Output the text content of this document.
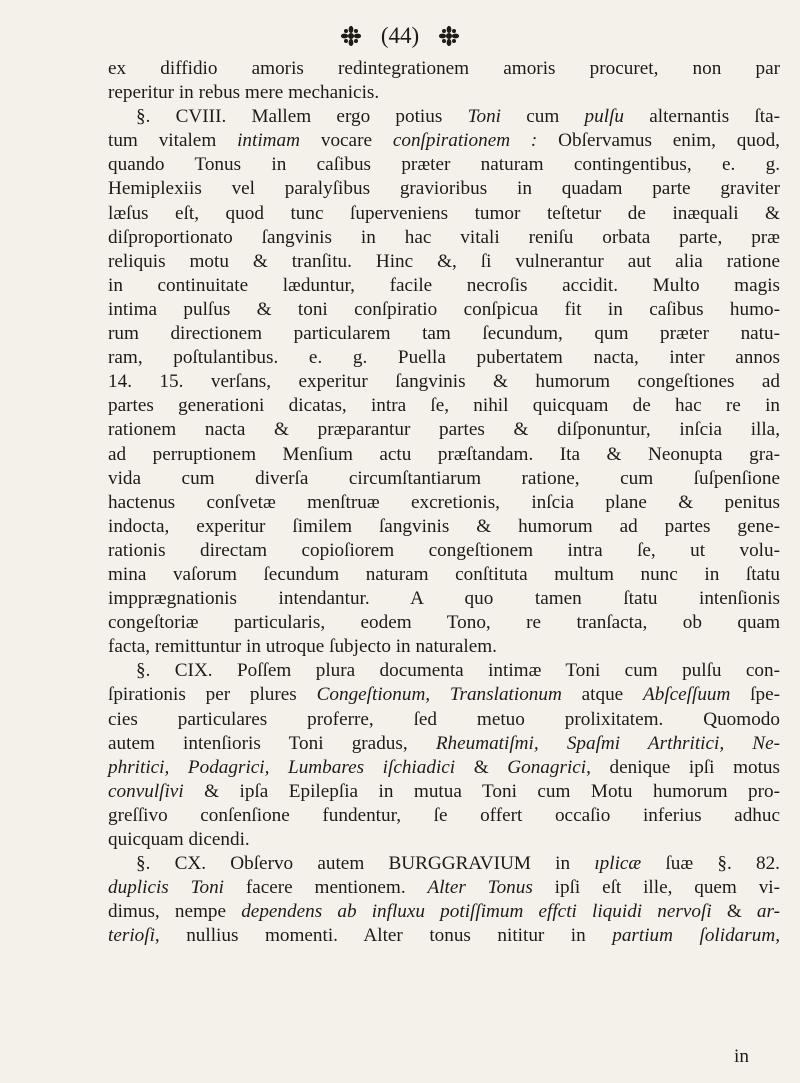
(44)
ex diffidio amoris redintegrationem amoris procuret, non par
reperitur in rebus mere mechanicis.
§. CVIII. Mallem ergo potius Toni cum pulſu alternantis ſta-
tum vitalem intimam vocare conſpirationem : Obſervamus enim, quod,
quando Tonus in caſibus præter naturam contingentibus, e. g.
Hemiplexiis vel paralyſibus gravioribus in quadam parte graviter
læſus eſt, quod tunc ſuperveniens tumor teſtetur de inæquali &
diſproportionato ſangvinis in hac vitali reniſu orbata parte, præ
reliquis motu & tranſitu. Hinc &, ſi vulnerantur aut alia ratione
in continuitate læduntur, facile necroſis accidit. Multo magis
intima pulſus & toni conſpiratio conſpicua fit in caſibus humo-
rum directionem particularem tam ſecundum, qum præter natu-
ram, poſtulantibus. e. g. Puella pubertatem nacta, inter annos
14. 15. verſans, experitur ſangvinis & humorum congeſtiones ad
partes generationi dicatas, intra ſe, nihil quicquam de hac re in
rationem nacta & præparantur partes & diſponuntur, inſcia illa,
ad perruptionem Menſium actu præſtandam. Ita & Neonupta gra-
vida cum diverſa circumſtantiarum ratione, cum ſuſpenſione
hactenus conſvetæ menſtruæ excretionis, inſcia plane & penitus
indocta, experitur ſimilem ſangvinis & humorum ad partes gene-
rationis directam copioſiorem congeſtionem intra ſe, ut volu-
mina vaſorum ſecundum naturam conſtituta multum nunc in ſtatu
impprægnationis intendantur. A quo tamen ſtatu intenſionis
congeſtoriæ particularis, eodem Tono, re tranſacta, ob quam
facta, remittuntur in utroque ſubjecto in naturalem.
§. CIX. Poſſem plura documenta intimæ Toni cum pulſu con-
ſpirationis per plures Congeſtionum, Translationum atque Abſceſſuum ſpe-
cies particulares proferre, ſed metuo prolixitatem. Quomodo
autem intenſioris Toni gradus, Rheumatiſmi, Spaſmi Arthritici, Ne-
phritici, Podagrici, Lumbares iſchiadici & Gonagrici, denique ipſi motus
convulſivi & ipſa Epilepſia in mutua Toni cum Motu humorum pro-
greſſivo conſenſione fundentur, ſe offert occaſio inferius adhuc
quicquam dicendi.
§. CX. Obſervo autem BURGGRAVIUM in ıplicæ ſuæ §. 82.
duplicis Toni facere mentionem. Alter Tonus ipſi eſt ille, quem vi-
dimus, nempe dependens ab influxu potiſſimum effcti liquidi nervoſi & ar-
terioſi, nullius momenti. Alter tonus nititur in partium ſolidarum,
in
